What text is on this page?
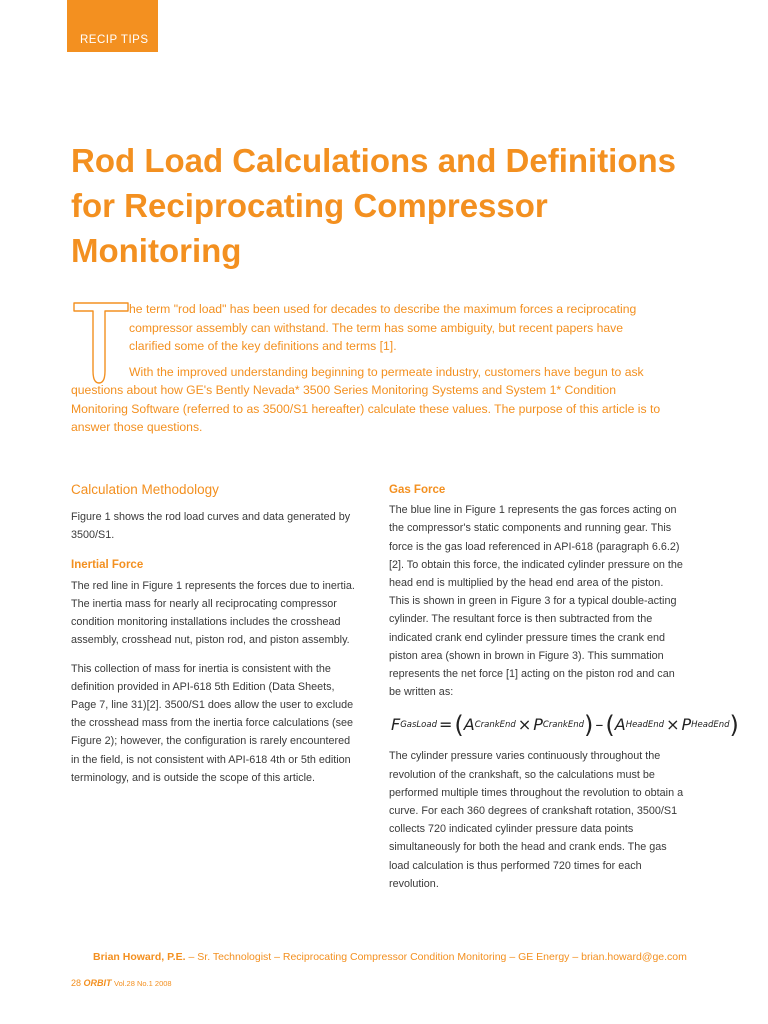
RECIP TIPS
Rod Load Calculations and Definitions for Reciprocating Compressor Monitoring

he term "rod load" has been used for decades to describe the maximum forces a reciprocating compressor assembly can withstand. The term has some ambiguity, but recent papers have clarified some of the key definitions and terms [1].

With the improved understanding beginning to permeate industry, customers have begun to ask questions about how GE's Bently Nevada* 3500 Series Monitoring Systems and System 1* Condition Monitoring Software (referred to as 3500/S1 hereafter) calculate these values. The purpose of this article is to answer those questions.

Calculation Methodology

Figure 1 shows the rod load curves and data generated by 3500/S1.

Inertial Force

The red line in Figure 1 represents the forces due to inertia. The inertia mass for nearly all reciprocating compressor condition monitoring installations includes the crosshead assembly, crosshead nut, piston rod, and piston assembly.

This collection of mass for inertia is consistent with the definition provided in API-618 5th Edition (Data Sheets, Page 7, line 31)[2]. 3500/S1 does allow the user to exclude the crosshead mass from the inertia force calculations (see Figure 2); however, the configuration is rarely encountered in the field, is not consistent with API-618 4th or 5th edition terminology, and is outside the scope of this article.

Gas Force

The blue line in Figure 1 represents the gas forces acting on the compressor's static components and running gear. This force is the gas load referenced in API-618 (paragraph 6.6.2)[2]. To obtain this force, the indicated cylinder pressure on the head end is multiplied by the head end area of the piston. This is shown in green in Figure 3 for a typical double-acting cylinder. The resultant force is then subtracted from the indicated crank end cylinder pressure times the crank end piston area (shown in brown in Figure 3). This summation represents the net force [1] acting on the piston rod and can be written as:

F GasLoad = ( A CrankEnd × P CrankEnd ) – ( A HeadEnd × P HeadEnd )

The cylinder pressure varies continuously throughout the revolution of the crankshaft, so the calculations must be performed multiple times throughout the revolution to obtain a curve. For each 360 degrees of crankshaft rotation, 3500/S1 collects 720 indicated cylinder pressure data points simultaneously for both the head and crank ends. The gas load calculation is thus performed 720 times for each revolution.

Brian Howard, P.E. – Sr. Technologist – Reciprocating Compressor Condition Monitoring – GE Energy – brian.howard@ge.com
28 ORBIT Vol.28 No.1 2008
